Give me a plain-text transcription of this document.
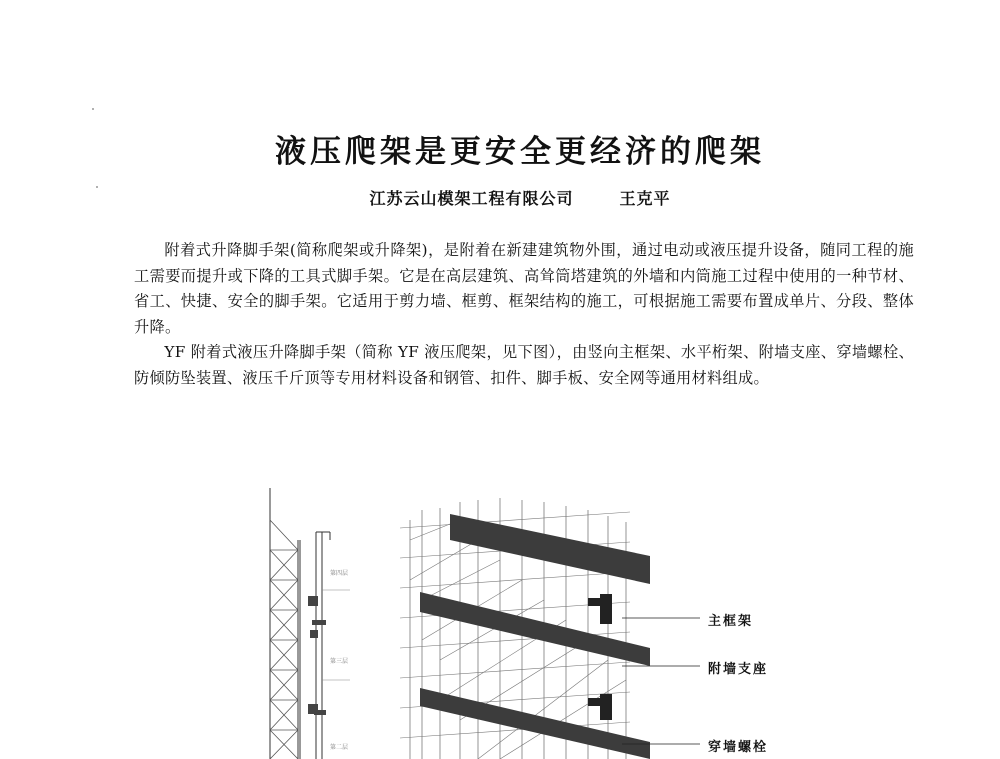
液压爬架是更安全更经济的爬架
江苏云山模架工程有限公司	王克平

附着式升降脚手架(简称爬架或升降架)，是附着在新建建筑物外围，通过电动或液压提升设备，随同工程的施工需要而提升或下降的工具式脚手架。它是在高层建筑、高耸筒塔建筑的外墙和内筒施工过程中使用的一种节材、省工、快捷、安全的脚手架。它适用于剪力墙、框剪、框架结构的施工，可根据施工需要布置成单片、分段、整体升降。

YF 附着式液压升降脚手架（简称 YF 液压爬架，见下图），由竖向主框架、水平桁架、附墙支座、穿墙螺栓、防倾防坠装置、液压千斤顶等专用材料设备和钢管、扣件、脚手板、安全网等通用材料组成。

第四层
第三层
第二层
主框架
附墙支座
穿墙螺栓
